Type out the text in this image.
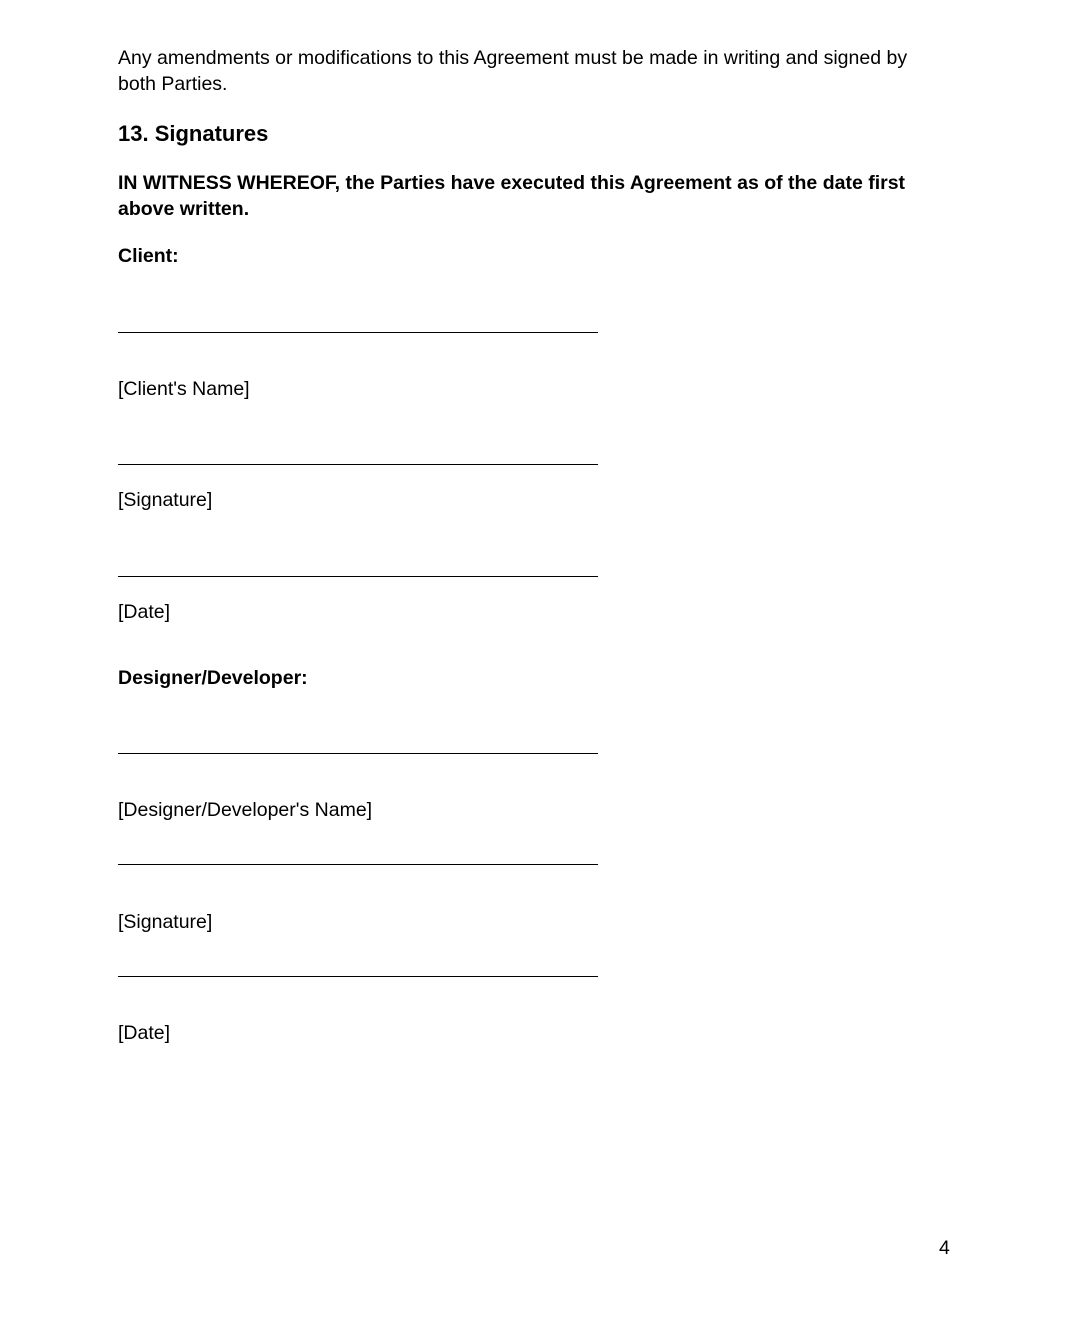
Any amendments or modifications to this Agreement must be made in writing and signed by both Parties.
13. Signatures
IN WITNESS WHEREOF, the Parties have executed this Agreement as of the date first above written.
Client:
[Client's Name]
[Signature]
[Date]
Designer/Developer:
[Designer/Developer's Name]
[Signature]
[Date]
4
